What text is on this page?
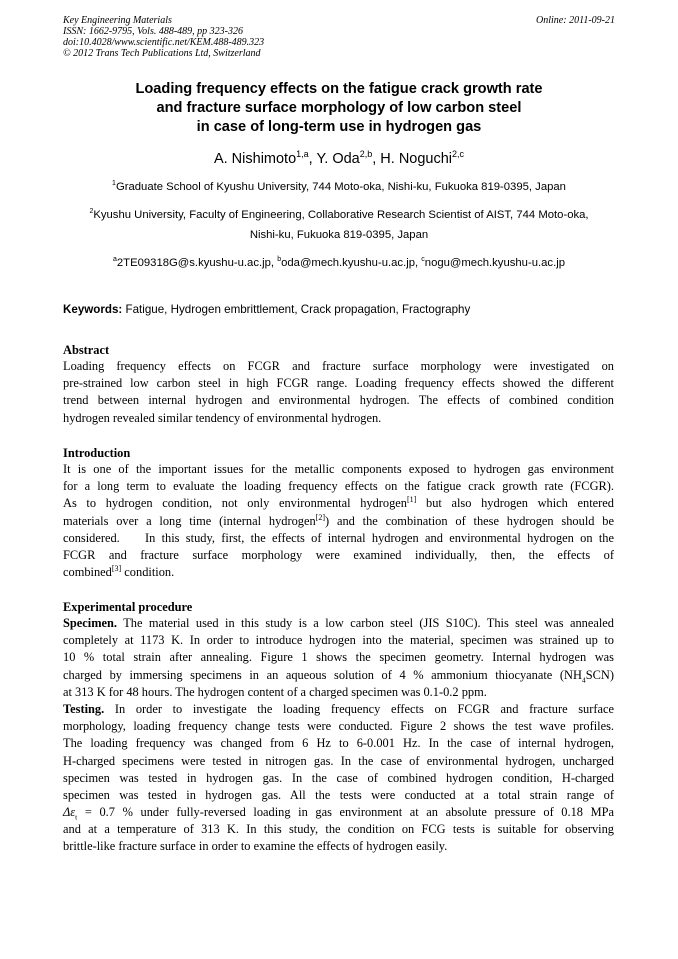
Key Engineering Materials
ISSN: 1662-9795, Vols. 488-489, pp 323-326
doi:10.4028/www.scientific.net/KEM.488-489.323
© 2012 Trans Tech Publications Ltd, Switzerland
Online: 2011-09-21
Loading frequency effects on the fatigue crack growth rate
and fracture surface morphology of low carbon steel
in case of long-term use in hydrogen gas
A. Nishimoto$^{1,a}$, Y. Oda$^{2,b}$, H. Noguchi$^{2,c}$
$^1$Graduate School of Kyushu University, 744 Moto-oka, Nishi-ku, Fukuoka 819-0395, Japan
$^2$Kyushu University, Faculty of Engineering, Collaborative Research Scientist of AIST, 744 Moto-oka,
Nishi-ku, Fukuoka 819-0395, Japan
$^a$2TE09318G@s.kyushu-u.ac.jp, $^b$oda@mech.kyushu-u.ac.jp, $^c$nogu@mech.kyushu-u.ac.jp
Keywords: Fatigue, Hydrogen embrittlement, Crack propagation, Fractography
Abstract
Loading frequency effects on FCGR and fracture surface morphology were investigated on
pre-strained low carbon steel in high FCGR range. Loading frequency effects showed the different
trend between internal hydrogen and environmental hydrogen. The effects of combined condition
hydrogen revealed similar tendency of environmental hydrogen.
Introduction
It is one of the important issues for the metallic components exposed to hydrogen gas environment
for a long term to evaluate the loading frequency effects on the fatigue crack growth rate (FCGR).
As to hydrogen condition, not only environmental hydrogen[1] but also hydrogen which entered
materials over a long time (internal hydrogen[2]) and the combination of these hydrogen should be
considered.    In this study, first, the effects of internal hydrogen and environmental hydrogen on the
FCGR and fracture surface morphology were examined individually, then, the effects of
combined[3] condition.
Experimental procedure
Specimen. The material used in this study is a low carbon steel (JIS S10C). This steel was annealed
completely at 1173 K. In order to introduce hydrogen into the material, specimen was strained up to
10 % total strain after annealing. Figure 1 shows the specimen geometry. Internal hydrogen was
charged by immersing specimens in an aqueous solution of 4 % ammonium thiocyanate $(NH_4SCN)$
at 313 K for 48 hours. The hydrogen content of a charged specimen was 0.1-0.2 ppm.
Testing. In order to investigate the loading frequency effects on FCGR and fracture surface
morphology, loading frequency change tests were conducted. Figure 2 shows the test wave profiles.
The loading frequency was changed from 6 Hz to 6-0.001 Hz. In the case of internal hydrogen,
H-charged specimens were tested in nitrogen gas. In the case of environmental hydrogen, uncharged
specimen was tested in hydrogen gas. In the case of combined hydrogen condition, H-charged
specimen was tested in hydrogen gas. All the tests were conducted at a total strain range of
$\Delta\varepsilon_t = 0.7$ % under fully-reversed loading in gas environment at an absolute pressure of 0.18 MPa
and at a temperature of 313 K. In this study, the condition on FCG tests is suitable for observing
brittle-like fracture surface in order to examine the effects of hydrogen easily.
